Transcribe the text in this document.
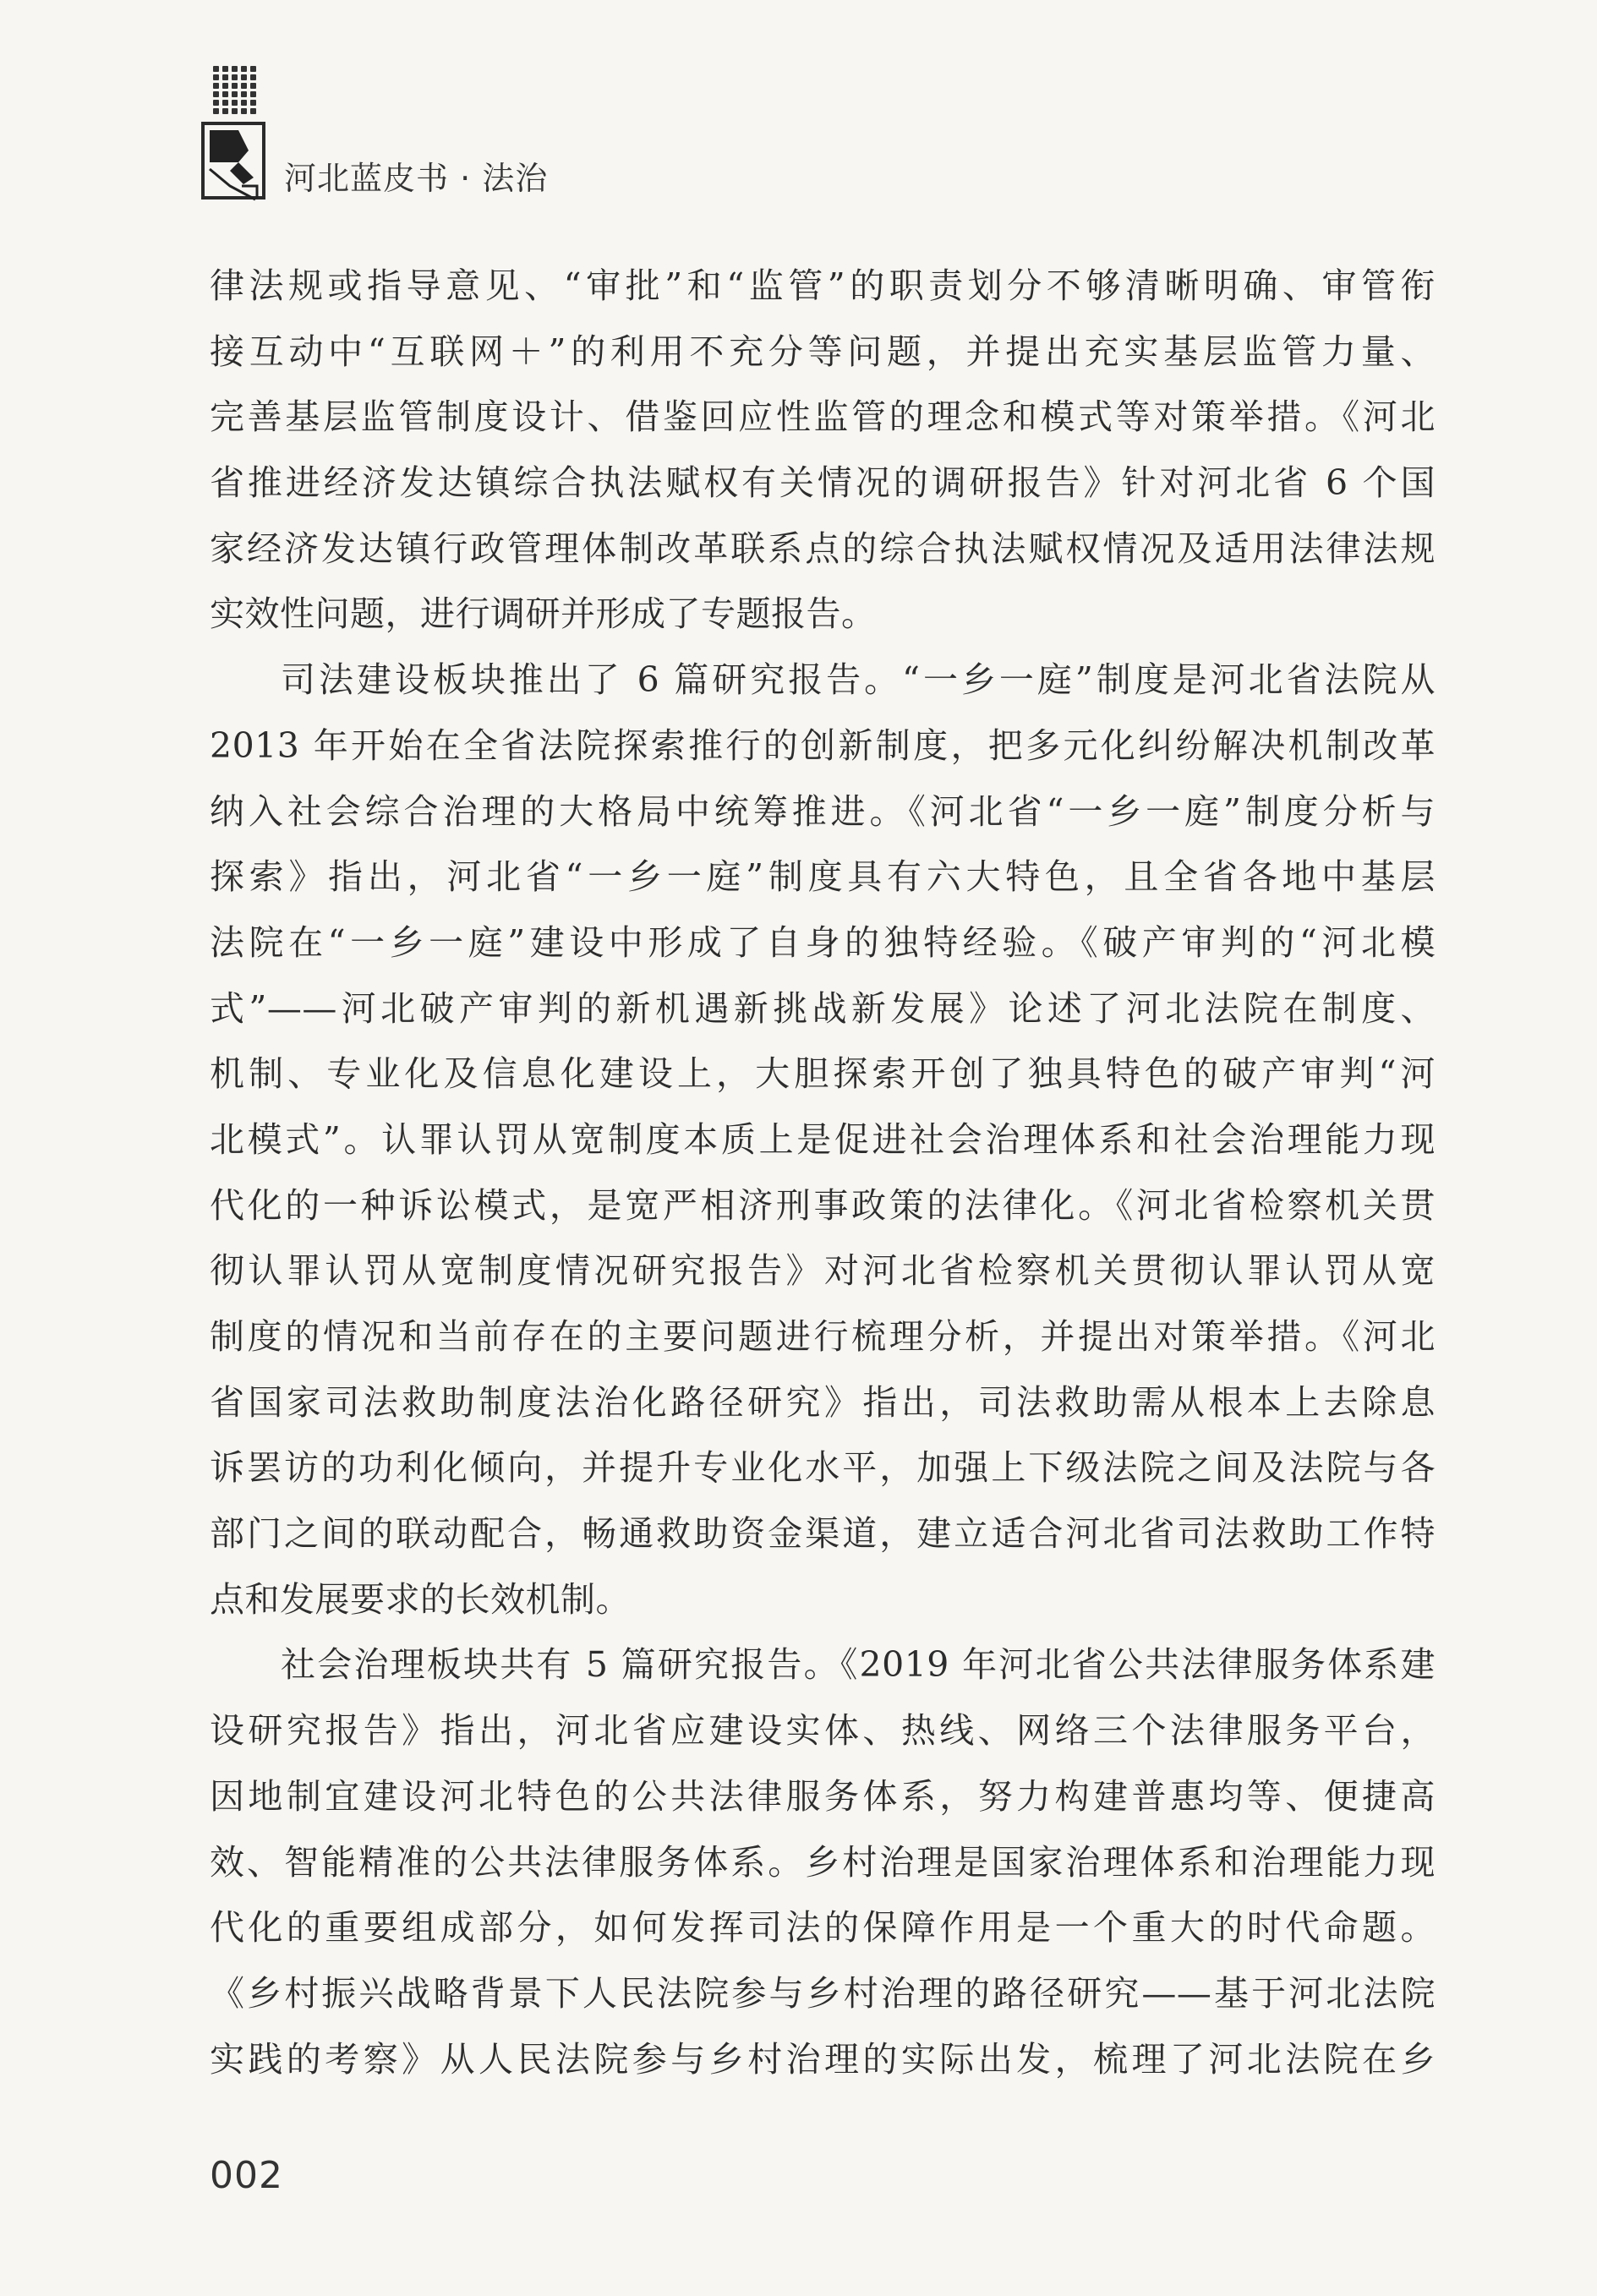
河北蓝皮书 · 法治
律法规或指导意见、“审批”和“监管”的职责划分不够清晰明确、审管衔
接互动中“互联网＋”的利用不充分等问题，并提出充实基层监管力量、
完善基层监管制度设计、借鉴回应性监管的理念和模式等对策举措。《河北
省推进经济发达镇综合执法赋权有关情况的调研报告》针对河北省 6 个国
家经济发达镇行政管理体制改革联系点的综合执法赋权情况及适用法律法规
实效性问题，进行调研并形成了专题报告。
司法建设板块推出了 6 篇研究报告。“一乡一庭”制度是河北省法院从
2013 年开始在全省法院探索推行的创新制度，把多元化纠纷解决机制改革
纳入社会综合治理的大格局中统筹推进。《河北省“一乡一庭”制度分析与
探索》指出，河北省“一乡一庭”制度具有六大特色，且全省各地中基层
法院在“一乡一庭”建设中形成了自身的独特经验。《破产审判的“河北模
式”——河北破产审判的新机遇新挑战新发展》论述了河北法院在制度、
机制、专业化及信息化建设上，大胆探索开创了独具特色的破产审判“河
北模式”。认罪认罚从宽制度本质上是促进社会治理体系和社会治理能力现
代化的一种诉讼模式，是宽严相济刑事政策的法律化。《河北省检察机关贯
彻认罪认罚从宽制度情况研究报告》对河北省检察机关贯彻认罪认罚从宽
制度的情况和当前存在的主要问题进行梳理分析，并提出对策举措。《河北
省国家司法救助制度法治化路径研究》指出，司法救助需从根本上去除息
诉罢访的功利化倾向，并提升专业化水平，加强上下级法院之间及法院与各
部门之间的联动配合，畅通救助资金渠道，建立适合河北省司法救助工作特
点和发展要求的长效机制。
社会治理板块共有 5 篇研究报告。《2019 年河北省公共法律服务体系建
设研究报告》指出，河北省应建设实体、热线、网络三个法律服务平台，
因地制宜建设河北特色的公共法律服务体系，努力构建普惠均等、便捷高
效、智能精准的公共法律服务体系。乡村治理是国家治理体系和治理能力现
代化的重要组成部分，如何发挥司法的保障作用是一个重大的时代命题。
《乡村振兴战略背景下人民法院参与乡村治理的路径研究——基于河北法院
实践的考察》从人民法院参与乡村治理的实际出发，梳理了河北法院在乡
002
